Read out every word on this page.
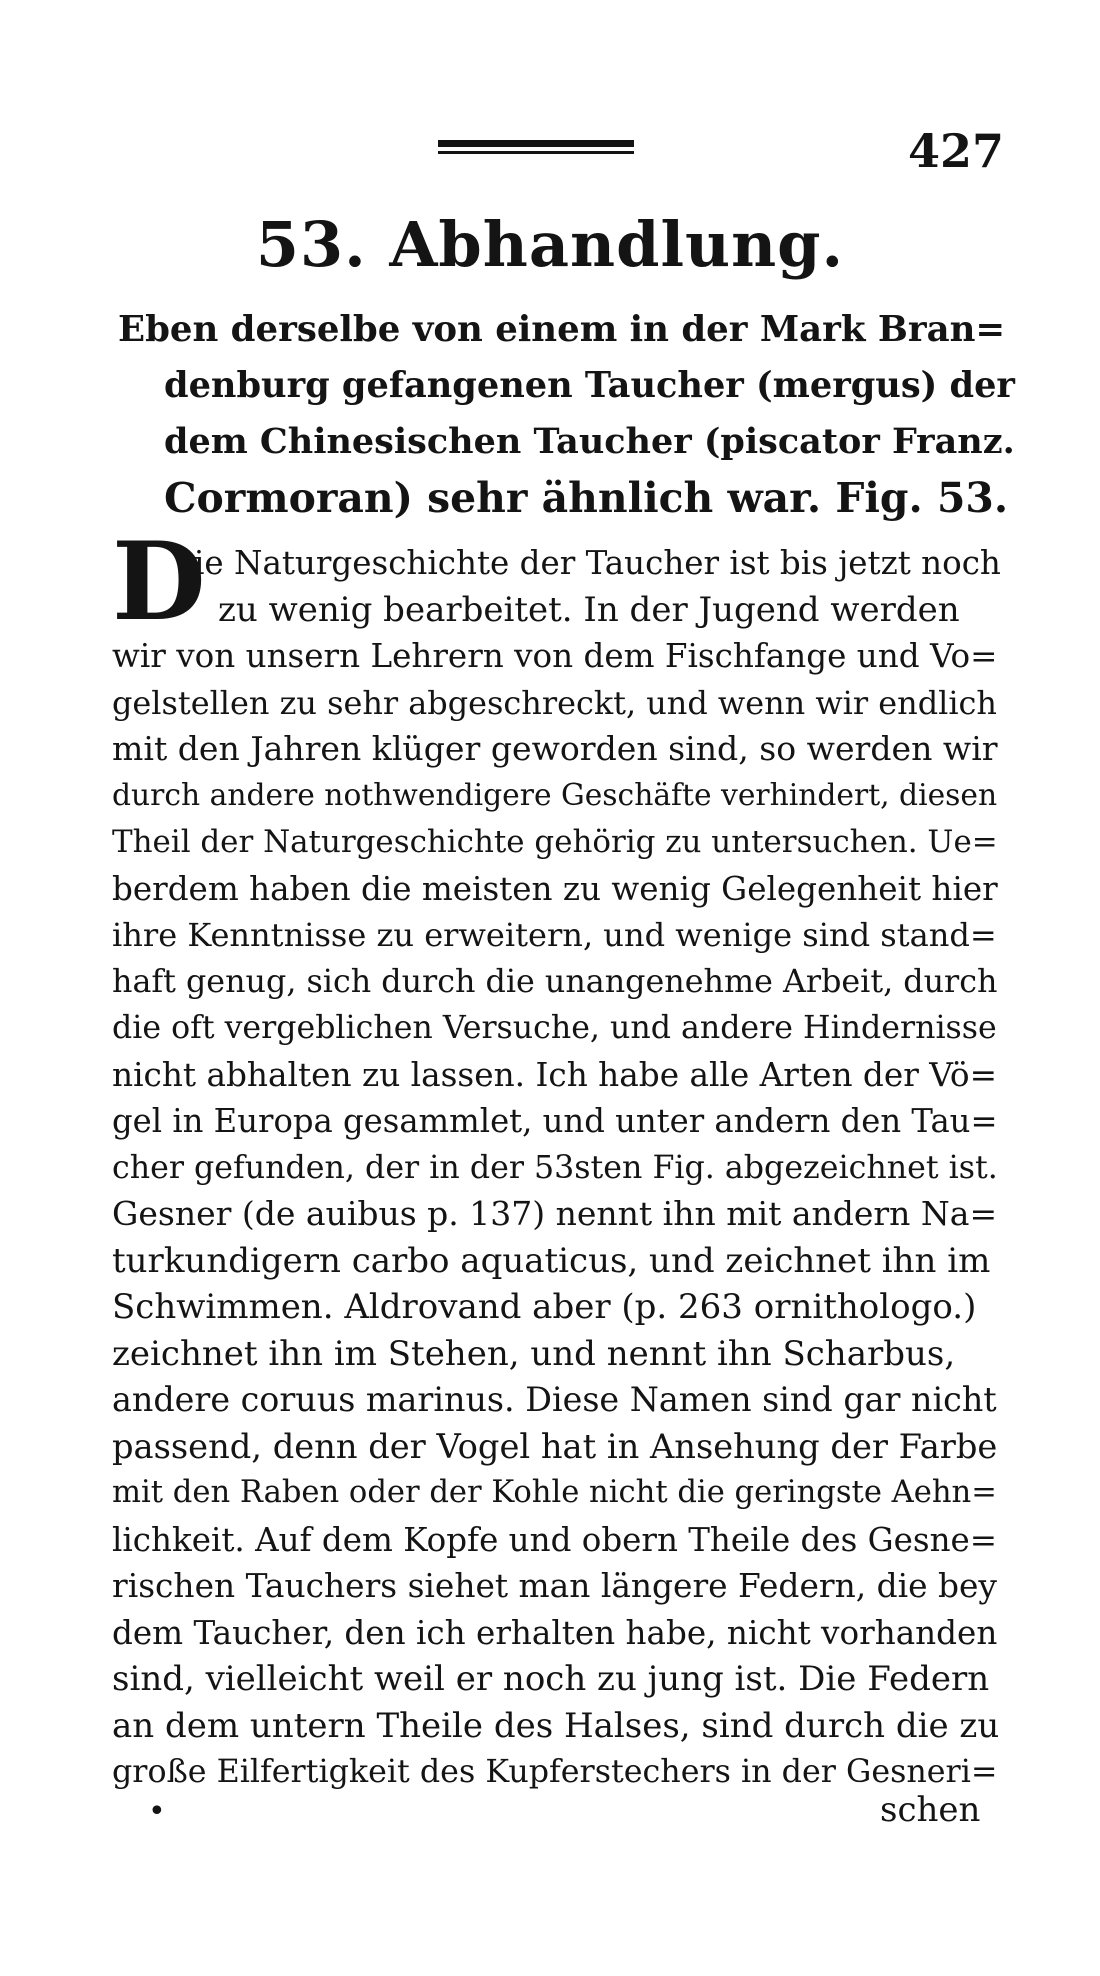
427
53. Abhandlung.
Eben derselbe von einem in der Mark Bran=
denburg gefangenen Taucher (mergus) der
dem Chinesischen Taucher (piscator Franz.
Cormoran) sehr ähnlich war. Fig. 53.
D
ie Naturgeschichte der Taucher ist bis jetzt noch
zu wenig bearbeitet. In der Jugend werden
wir von unsern Lehrern von dem Fischfange und Vo=
gelstellen zu sehr abgeschreckt, und wenn wir endlich
mit den Jahren klüger geworden sind, so werden wir
durch andere nothwendigere Geschäfte verhindert, diesen
Theil der Naturgeschichte gehörig zu untersuchen. Ue=
berdem haben die meisten zu wenig Gelegenheit hier
ihre Kenntnisse zu erweitern, und wenige sind stand=
haft genug, sich durch die unangenehme Arbeit, durch
die oft vergeblichen Versuche, und andere Hindernisse
nicht abhalten zu lassen. Ich habe alle Arten der Vö=
gel in Europa gesammlet, und unter andern den Tau=
cher gefunden, der in der 53sten Fig. abgezeichnet ist.
Gesner (de auibus p. 137) nennt ihn mit andern Na=
turkundigern carbo aquaticus, und zeichnet ihn im
Schwimmen. Aldrovand aber (p. 263 ornithologo.)
zeichnet ihn im Stehen, und nennt ihn Scharbus,
andere coruus marinus. Diese Namen sind gar nicht
passend, denn der Vogel hat in Ansehung der Farbe
mit den Raben oder der Kohle nicht die geringste Aehn=
lichkeit. Auf dem Kopfe und obern Theile des Gesne=
rischen Tauchers siehet man längere Federn, die bey
dem Taucher, den ich erhalten habe, nicht vorhanden
sind, vielleicht weil er noch zu jung ist. Die Federn
an dem untern Theile des Halses, sind durch die zu
große Eilfertigkeit des Kupferstechers in der Gesneri=
•	schen
